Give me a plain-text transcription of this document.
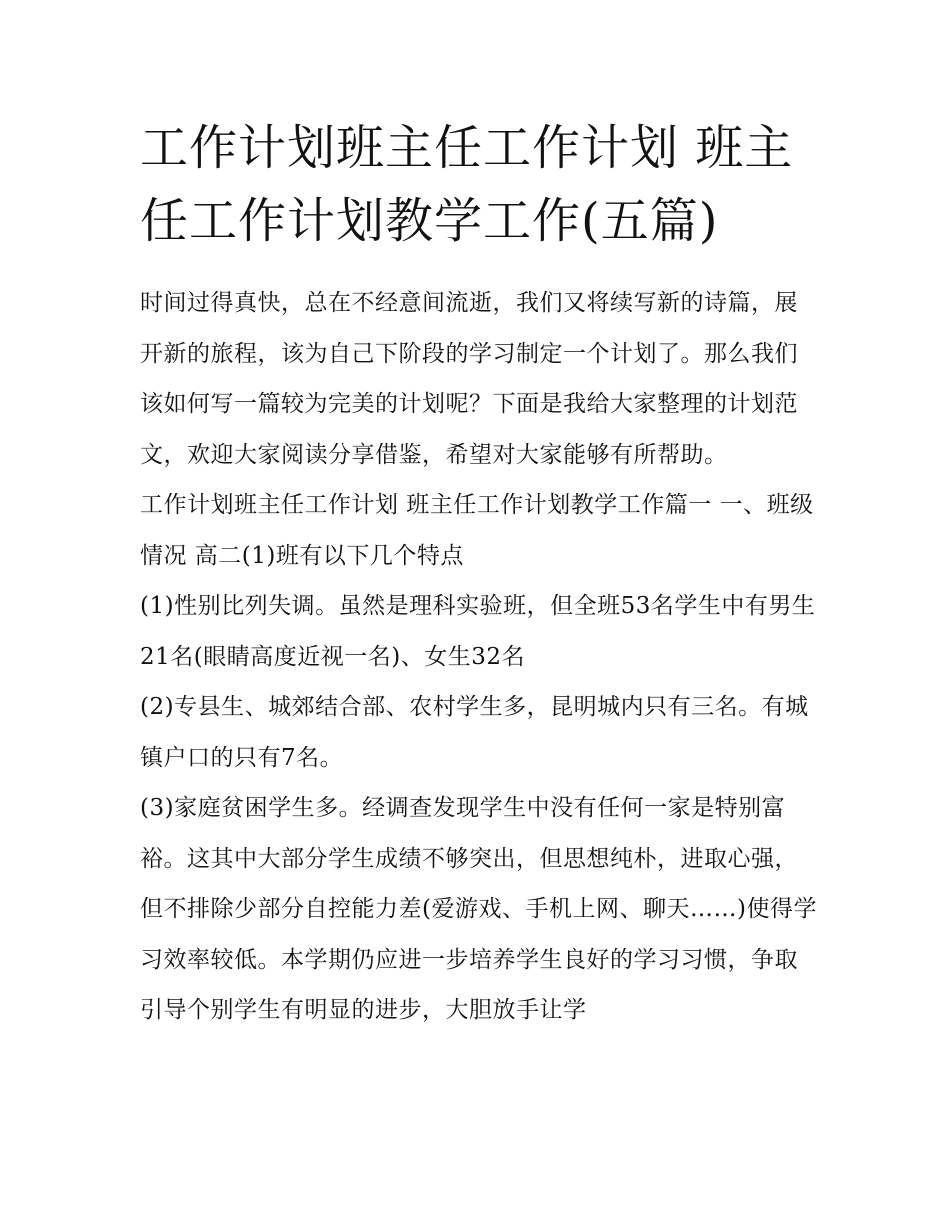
工作计划班主任工作计划 班主任工作计划教学工作(五篇)

时间过得真快，总在不经意间流逝，我们又将续写新的诗篇，展开新的旅程，该为自己下阶段的学习制定一个计划了。那么我们该如何写一篇较为完美的计划呢？下面是我给大家整理的计划范文，欢迎大家阅读分享借鉴，希望对大家能够有所帮助。

工作计划班主任工作计划 班主任工作计划教学工作篇一 一、班级情况 高二(1)班有以下几个特点

(1)性别比列失调。虽然是理科实验班，但全班53名学生中有男生21名(眼睛高度近视一名)、女生32名

(2)专县生、城郊结合部、农村学生多，昆明城内只有三名。有城镇户口的只有7名。

(3)家庭贫困学生多。经调查发现学生中没有任何一家是特别富裕。这其中大部分学生成绩不够突出，但思想纯朴，进取心强，但不排除少部分自控能力差(爱游戏、手机上网、聊天……)使得学习效率较低。本学期仍应进一步培养学生良好的学习习惯，争取引导个别学生有明显的进步，大胆放手让学
